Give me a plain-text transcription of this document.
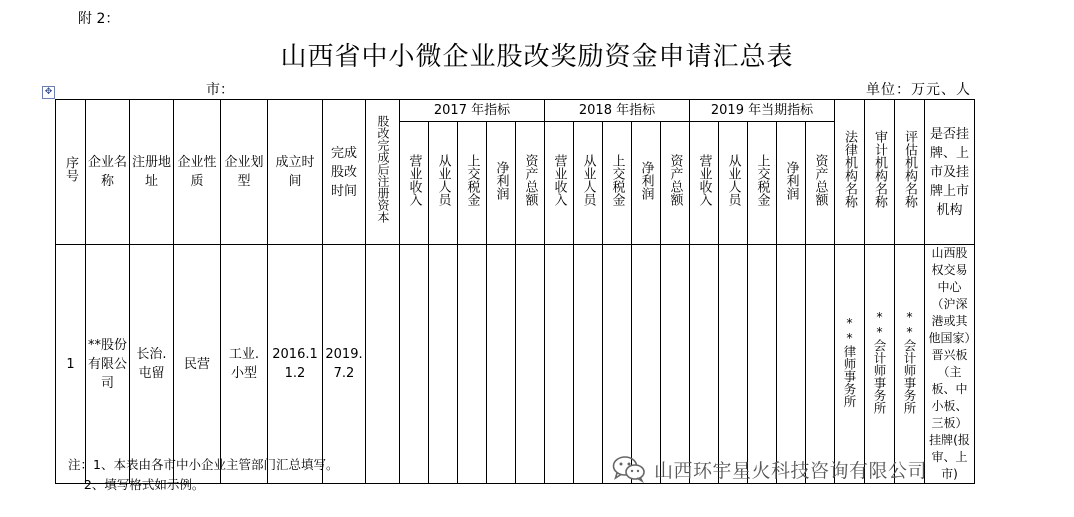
附 2：
山西省中小微企业股改奖励资金申请汇总表
✥	市：	单位：万元、人
序号	企业名称	注册地址	企业性质	企业划型	成立时间	完成股改时间	股改完成后注册资本	2017 年指标					2018 年指标					2019 年当期指标					法律机构名称	审计机构名称	评估机构名称	是否挂牌、上市及挂牌上市机构

								营业收入	从业人员	上交税金	净利润	资产总额	营业收入	从业人员	上交税金	净利润	资产总额	营业收入	从业人员	上交税金	净利润	资产总额				
1	**股份有限公司	长治.屯留	民营	工业.小型	2016.11.2	2019.7.2																	**律师事务所	**会计师事务所	**会计师事务所	山西股权交易中心（沪深港或其他国家）晋兴板（主板、中小板、三板）挂牌(报审、上市)
注：1、本表由各市中小企业主管部门汇总填写。
2、填写格式如示例。
山西环宇星火科技咨询有限公司
